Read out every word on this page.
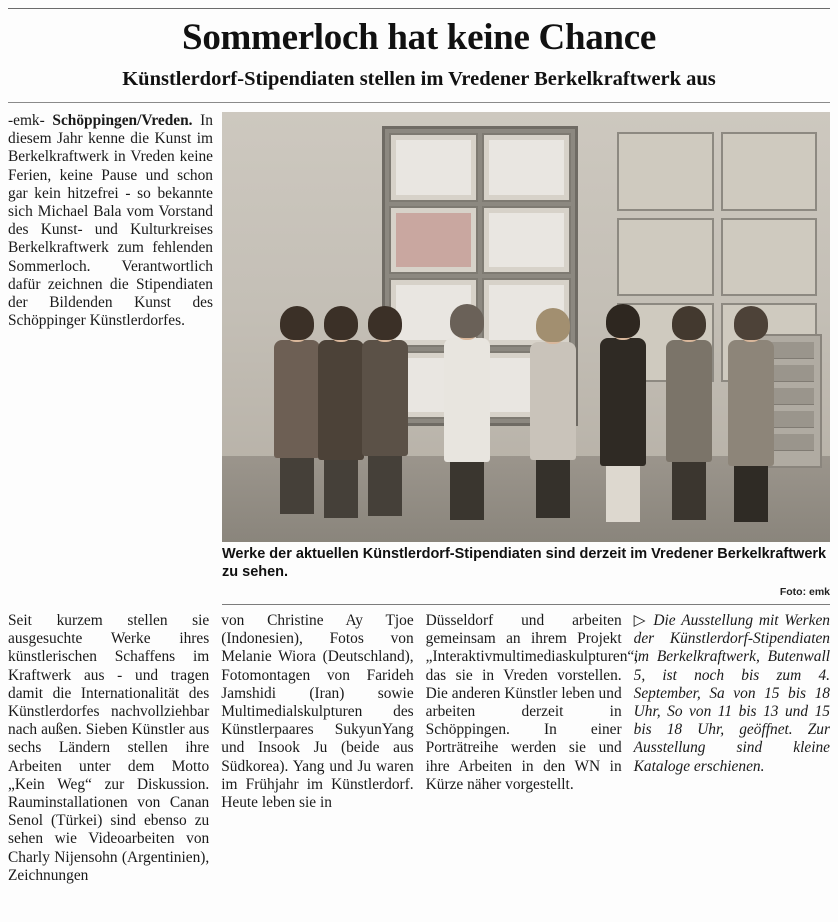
Sommerloch hat keine Chance
Künstlerdorf-Stipendiaten stellen im Vredener Berkelkraftwerk aus

-emk- Schöppingen/Vreden. In diesem Jahr kenne die Kunst im Berkelkraftwerk in Vreden keine Ferien, keine Pause und schon gar kein hitzefrei - so bekannte sich Michael Bala vom Vorstand des Kunst- und Kulturkreises Berkelkraftwerk zum fehlenden Sommerloch. Verantwortlich dafür zeichnen die Stipendiaten der Bildenden Kunst des Schöppinger Künstlerdorfes.

Werke der aktuellen Künstlerdorf-Stipendiaten sind derzeit im Vredener Berkelkraftwerk zu sehen.
Foto: emk

Seit kurzem stellen sie ausgesuchte Werke ihres künstlerischen Schaffens im Kraftwerk aus - und tragen damit die Internationalität des Künstlerdorfes nachvollziehbar nach außen. Sieben Künstler aus sechs Ländern stellen ihre Arbeiten unter dem Motto „Kein Weg“ zur Diskussion. Rauminstallationen von Canan Senol (Türkei) sind ebenso zu sehen wie Videoarbeiten von Charly Nijensohn (Argentinien), Zeichnungen

von Christine Ay Tjoe (Indonesien), Fotos von Melanie Wiora (Deutschland), Fotomontagen von Farideh Jamshidi (Iran) sowie Multimedialskulpturen des Künstlerpaares SukyunYang und Insook Ju (beide aus Südkorea). Yang und Ju waren im Frühjahr im Künstlerdorf. Heute leben sie in

Düsseldorf und arbeiten gemeinsam an ihrem Projekt „Interaktivmultimediaskulpturen“, das sie in Vreden vorstellen. Die anderen Künstler leben und arbeiten derzeit in Schöppingen. In einer Porträtreihe werden sie und ihre Arbeiten in den WN in Kürze näher vorgestellt.

▷ Die Ausstellung mit Werken der Künstlerdorf-Stipendiaten im Berkelkraftwerk, Butenwall 5, ist noch bis zum 4. September, Sa von 15 bis 18 Uhr, So von 11 bis 13 und 15 bis 18 Uhr, geöffnet. Zur Ausstellung sind kleine Kataloge erschienen.
